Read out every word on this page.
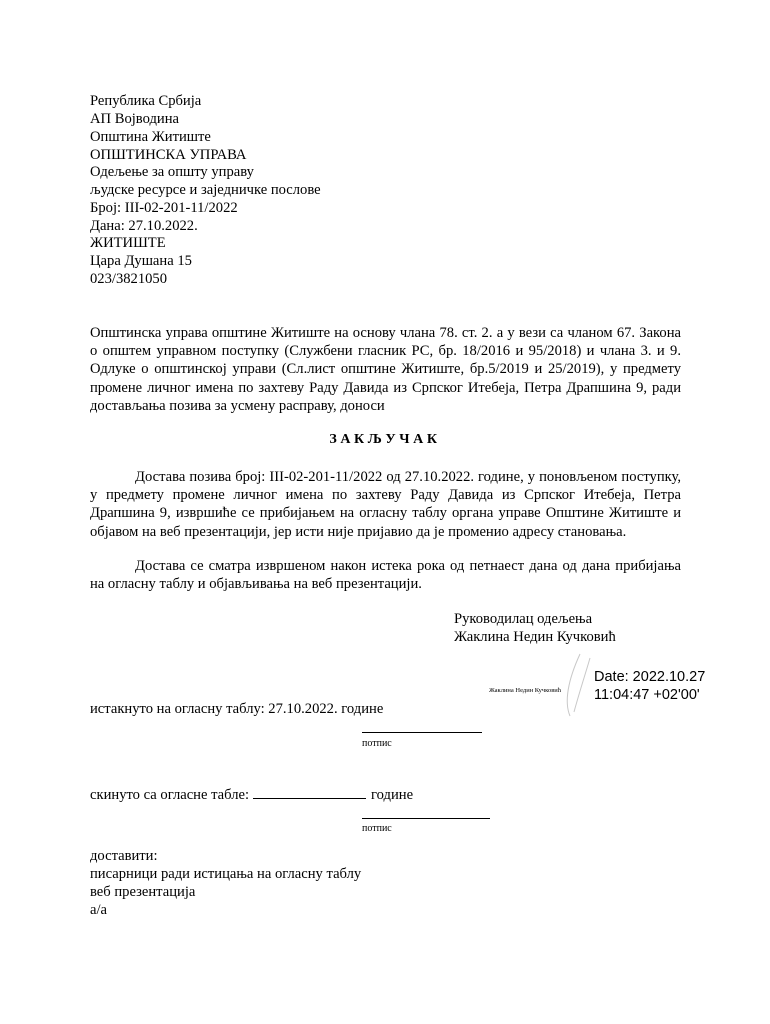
Република Србија
АП Војводина
Општина Житиште
ОПШТИНСКА УПРАВА
Одељење за општу управу
људске ресурсе и заједничке послове
Број: III-02-201-11/2022
Дана: 27.10.2022.
ЖИТИШТЕ
Цара Душана 15
023/3821050
Општинска управа општине Житиште на основу члана 78. ст. 2. а у вези са чланом 67. Закона о општем управном поступку (Службени гласник РС, бр. 18/2016 и 95/2018) и члана 3. и 9. Одлуке о општинској управи (Сл.лист општине Житиште, бр.5/2019 и 25/2019), у предмету промене личног имена по захтеву Раду Давида из Српског Итебеја, Петра Драпшина 9, ради достављања позива за усмену расправу, доноси
ЗАКЉУЧАК
Достава позива број: III-02-201-11/2022 од 27.10.2022. године, у поновљеном поступку, у предмету промене личног имена по захтеву Раду Давида из Српског Итебеја, Петра Драпшина 9, извршиће се прибијањем на огласну таблу органа управе Општине Житиште и објавом на веб презентацији, јер исти није пријавио да је променио адресу становања.
Достава се сматра извршеном након истека рока од петнаест дана од дана прибијања на огласну таблу и објављивања на веб презентацији.
Руководилац одељења
Жаклина Недин Кучковић
Жаклина Недин Кучковић
Date: 2022.10.27
11:04:47 +02'00'
истакнуто на огласну таблу: 27.10.2022. године
потпис
скинуто са огласне табле:	године
потпис
доставити:
писарници ради истицања на огласну таблу
веб презентација
а/а
